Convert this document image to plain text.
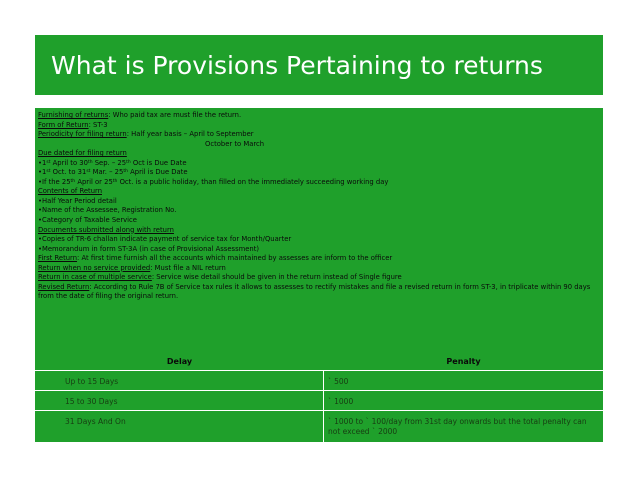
What is Provisions Pertaining to returns
Furnishing of returns: Who paid tax are must file the return.
Form of Return: ST-3
Periodicity for filing return: Half year basis – April to September
October to March
Due dated for filing return
•1st April to 30th Sep. – 25th Oct is Due Date
•1st Oct. to 31st Mar. – 25th April is Due Date
•If the 25th April or 25th Oct. is a public holiday, than filled on the immediately succeeding working day
Contents of Return
•Half Year Period detail
•Name of the Assessee, Registration No.
•Category of Taxable Service
Documents submitted along with return
•Copies of TR-6 challan indicate payment of service tax for Month/Quarter
•Memorandum in form ST-3A (in case of Provisional Assessment)
First Return: At first time furnish all the accounts which maintained by assesses are inform to the officer
Return when no service provided: Must file a NIL return
Return in case of multiple service: Service wise detail should be given in the return instead of Single figure
Revised Return: According to Rule 7B of Service tax rules it allows to assesses to rectify mistakes and file a revised return in form ST-3, in triplicate within 90 days from the date of filing the original return.
Delay	Penalty
Up to 15 Days	` 500
15 to 30 Days	` 1000
31 Days And On	` 1000 to ` 100/day from 31st day onwards but the total penalty can not exceed ` 2000
